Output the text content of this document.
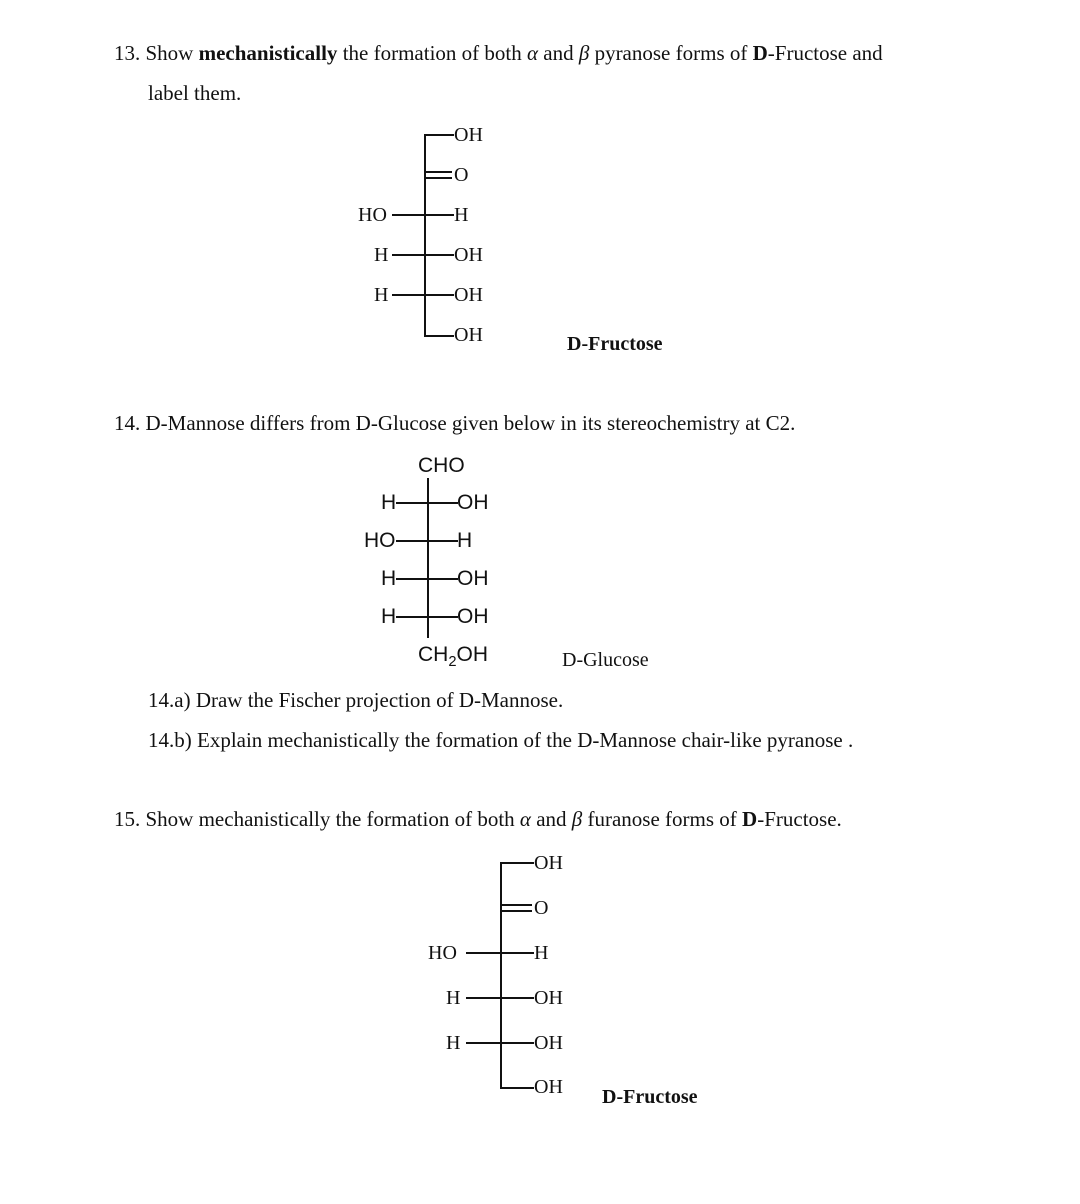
13. Show mechanistically the formation of both α and β pyranose forms of D-Fructose and
label them.
OH
O
HO	H
H	OH
H	OH
OH	D-Fructose
14. D-Mannose differs from D-Glucose given below in its stereochemistry at C2.
CHO
H	OH
HO	H
H	OH
H	OH
$CH_2OH$	D-Glucose
14.a) Draw the Fischer projection of D-Mannose.
14.b) Explain mechanistically the formation of the D-Mannose chair-like pyranose .
15. Show mechanistically the formation of both α and β furanose forms of D-Fructose.
OH
O
HO	H
H	OH
H	OH
OH D-Fructose
